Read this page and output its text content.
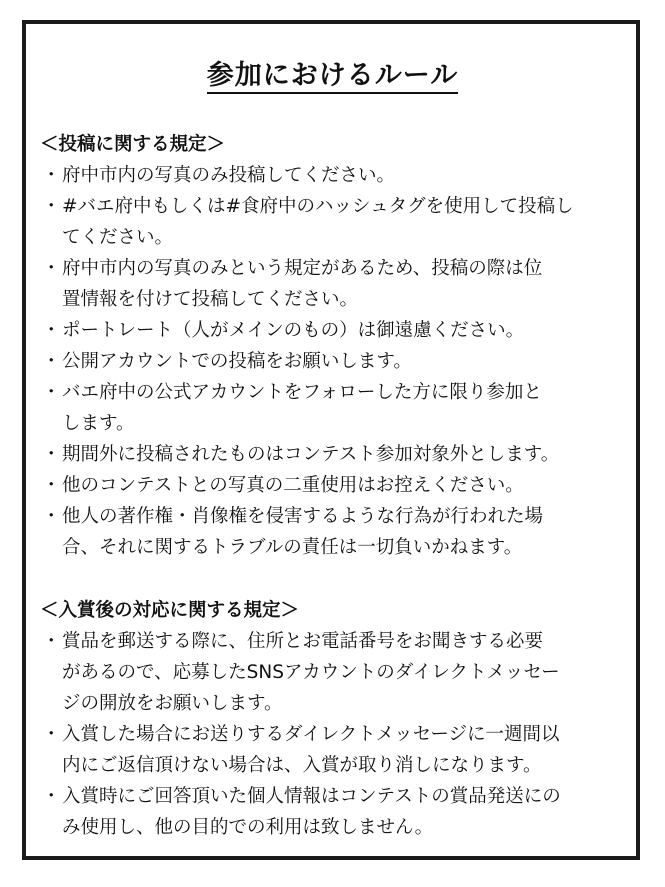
参加におけるルール
＜投稿に関する規定＞
・ 府中市内の写真のみ投稿してください。
・ #バエ府中もしくは#食府中のハッシュタグを使用して投稿し
てください。
・ 府中市内の写真のみという規定があるため、投稿の際は位
置情報を付けて投稿してください。
・ ポートレート（人がメインのもの）は御遠慮ください。
・ 公開アカウントでの投稿をお願いします。
・ バエ府中の公式アカウントをフォローした方に限り参加と
します。
・ 期間外に投稿されたものはコンテスト参加対象外とします。
・ 他のコンテストとの写真の二重使用はお控えください。
・ 他人の著作権・肖像権を侵害するような行為が行われた場
合、それに関するトラブルの責任は一切負いかねます。
＜入賞後の対応に関する規定＞
・ 賞品を郵送する際に、住所とお電話番号をお聞きする必要
があるので、応募したSNSアカウントのダイレクトメッセー
ジの開放をお願いします。
・ 入賞した場合にお送りするダイレクトメッセージに一週間以
内にご返信頂けない場合は、入賞が取り消しになります。
・ 入賞時にご回答頂いた個人情報はコンテストの賞品発送にの
み使用し、他の目的での利用は致しません。
